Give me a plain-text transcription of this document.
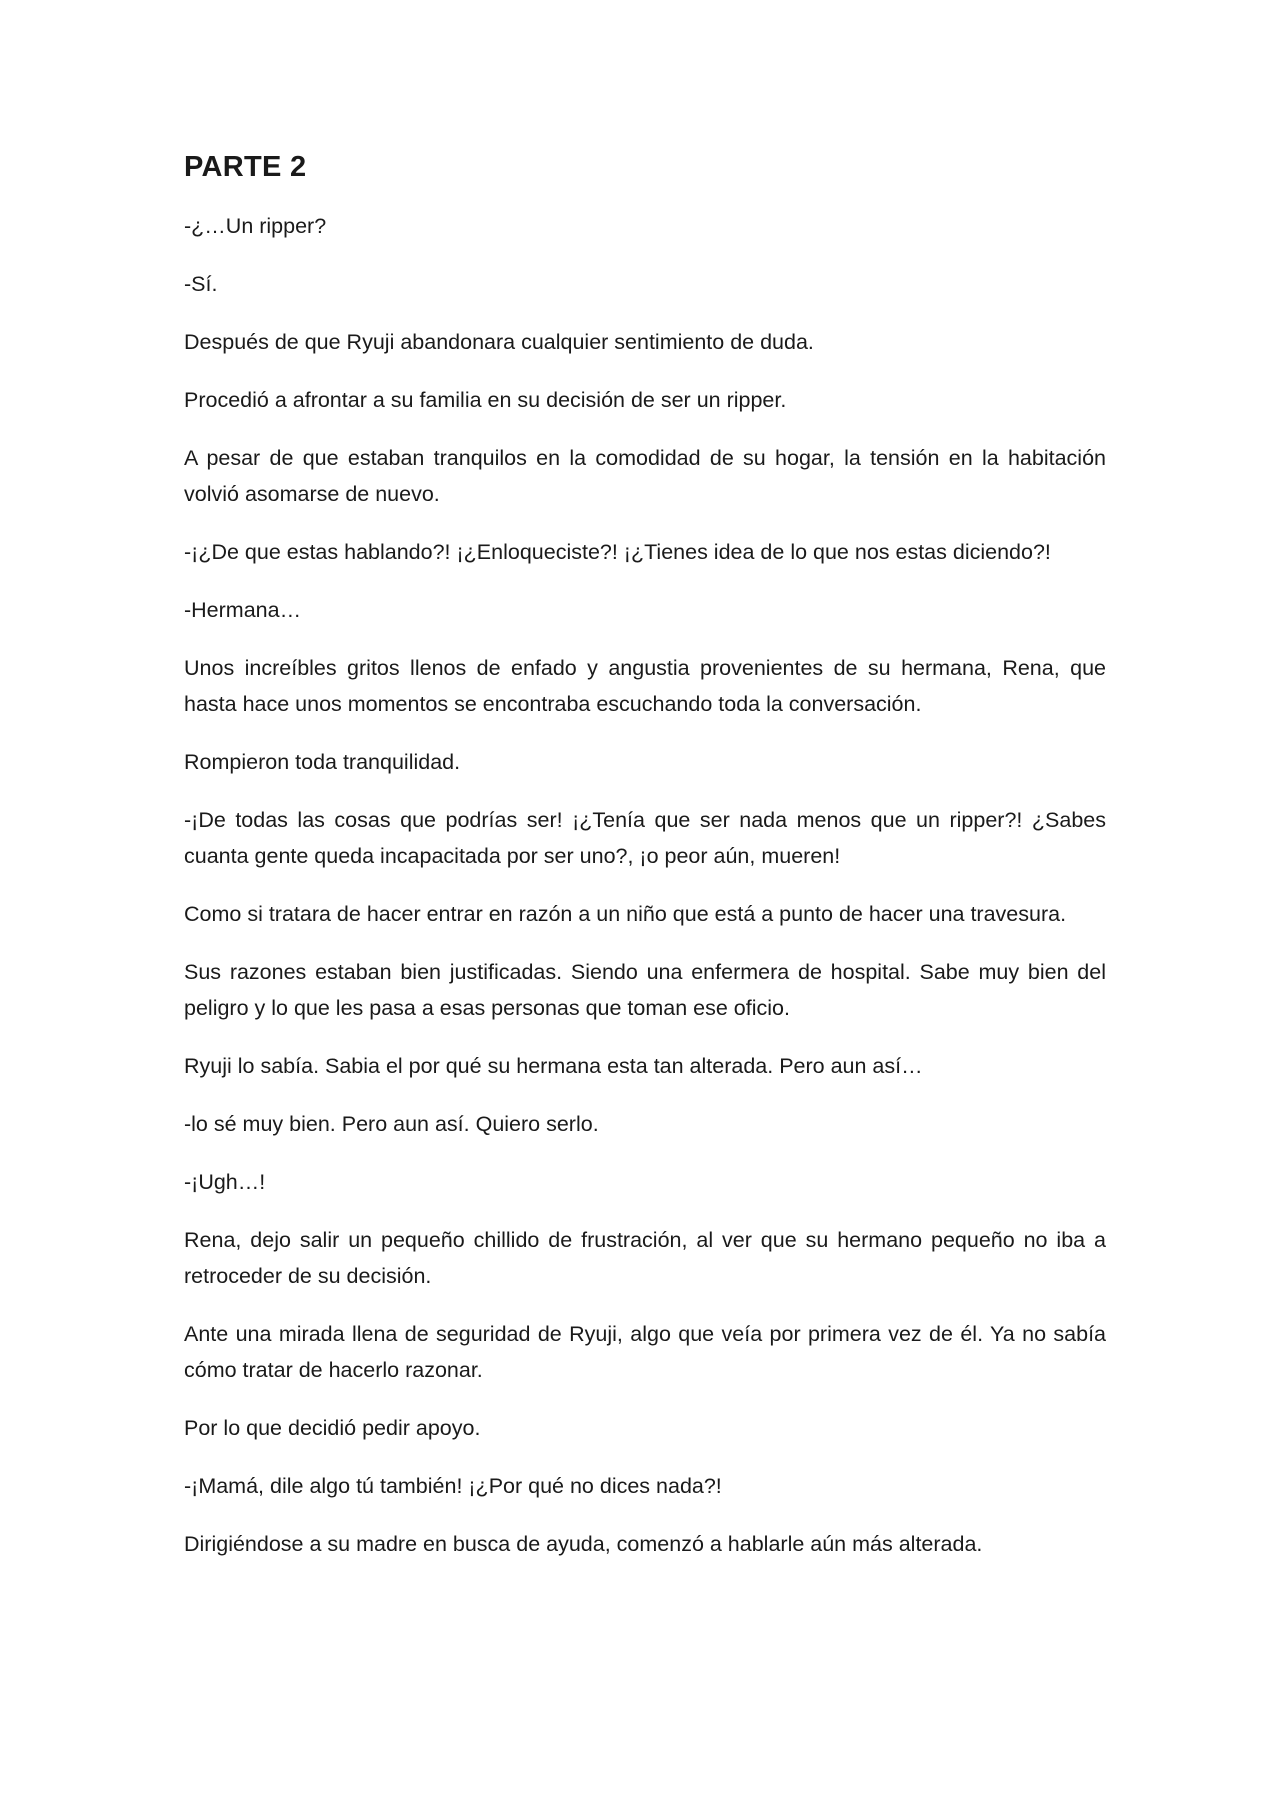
PARTE 2

-¿…Un ripper?

-Sí.

Después de que Ryuji abandonara cualquier sentimiento de duda.

Procedió a afrontar a su familia en su decisión de ser un ripper.

A pesar de que estaban tranquilos en la comodidad de su hogar, la tensión en la habitación volvió asomarse de nuevo.

-¡¿De que estas hablando?! ¡¿Enloqueciste?! ¡¿Tienes idea de lo que nos estas diciendo?!

-Hermana…

Unos increíbles gritos llenos de enfado y angustia provenientes de su hermana, Rena, que hasta hace unos momentos se encontraba escuchando toda la conversación.

Rompieron toda tranquilidad.

-¡De todas las cosas que podrías ser! ¡¿Tenía que ser nada menos que un ripper?! ¿Sabes cuanta gente queda incapacitada por ser uno?, ¡o peor aún, mueren!

Como si tratara de hacer entrar en razón a un niño que está a punto de hacer una travesura.

Sus razones estaban bien justificadas. Siendo una enfermera de hospital. Sabe muy bien del peligro y lo que les pasa a esas personas que toman ese oficio.

Ryuji lo sabía. Sabia el por qué su hermana esta tan alterada. Pero aun así…

-lo sé muy bien. Pero aun así. Quiero serlo.

-¡Ugh…!

Rena, dejo salir un pequeño chillido de frustración, al ver que su hermano pequeño no iba a retroceder de su decisión.

Ante una mirada llena de seguridad de Ryuji, algo que veía por primera vez de él. Ya no sabía cómo tratar de hacerlo razonar.

Por lo que decidió pedir apoyo.

-¡Mamá, dile algo tú también! ¡¿Por qué no dices nada?!

Dirigiéndose a su madre en busca de ayuda, comenzó a hablarle aún más alterada.
